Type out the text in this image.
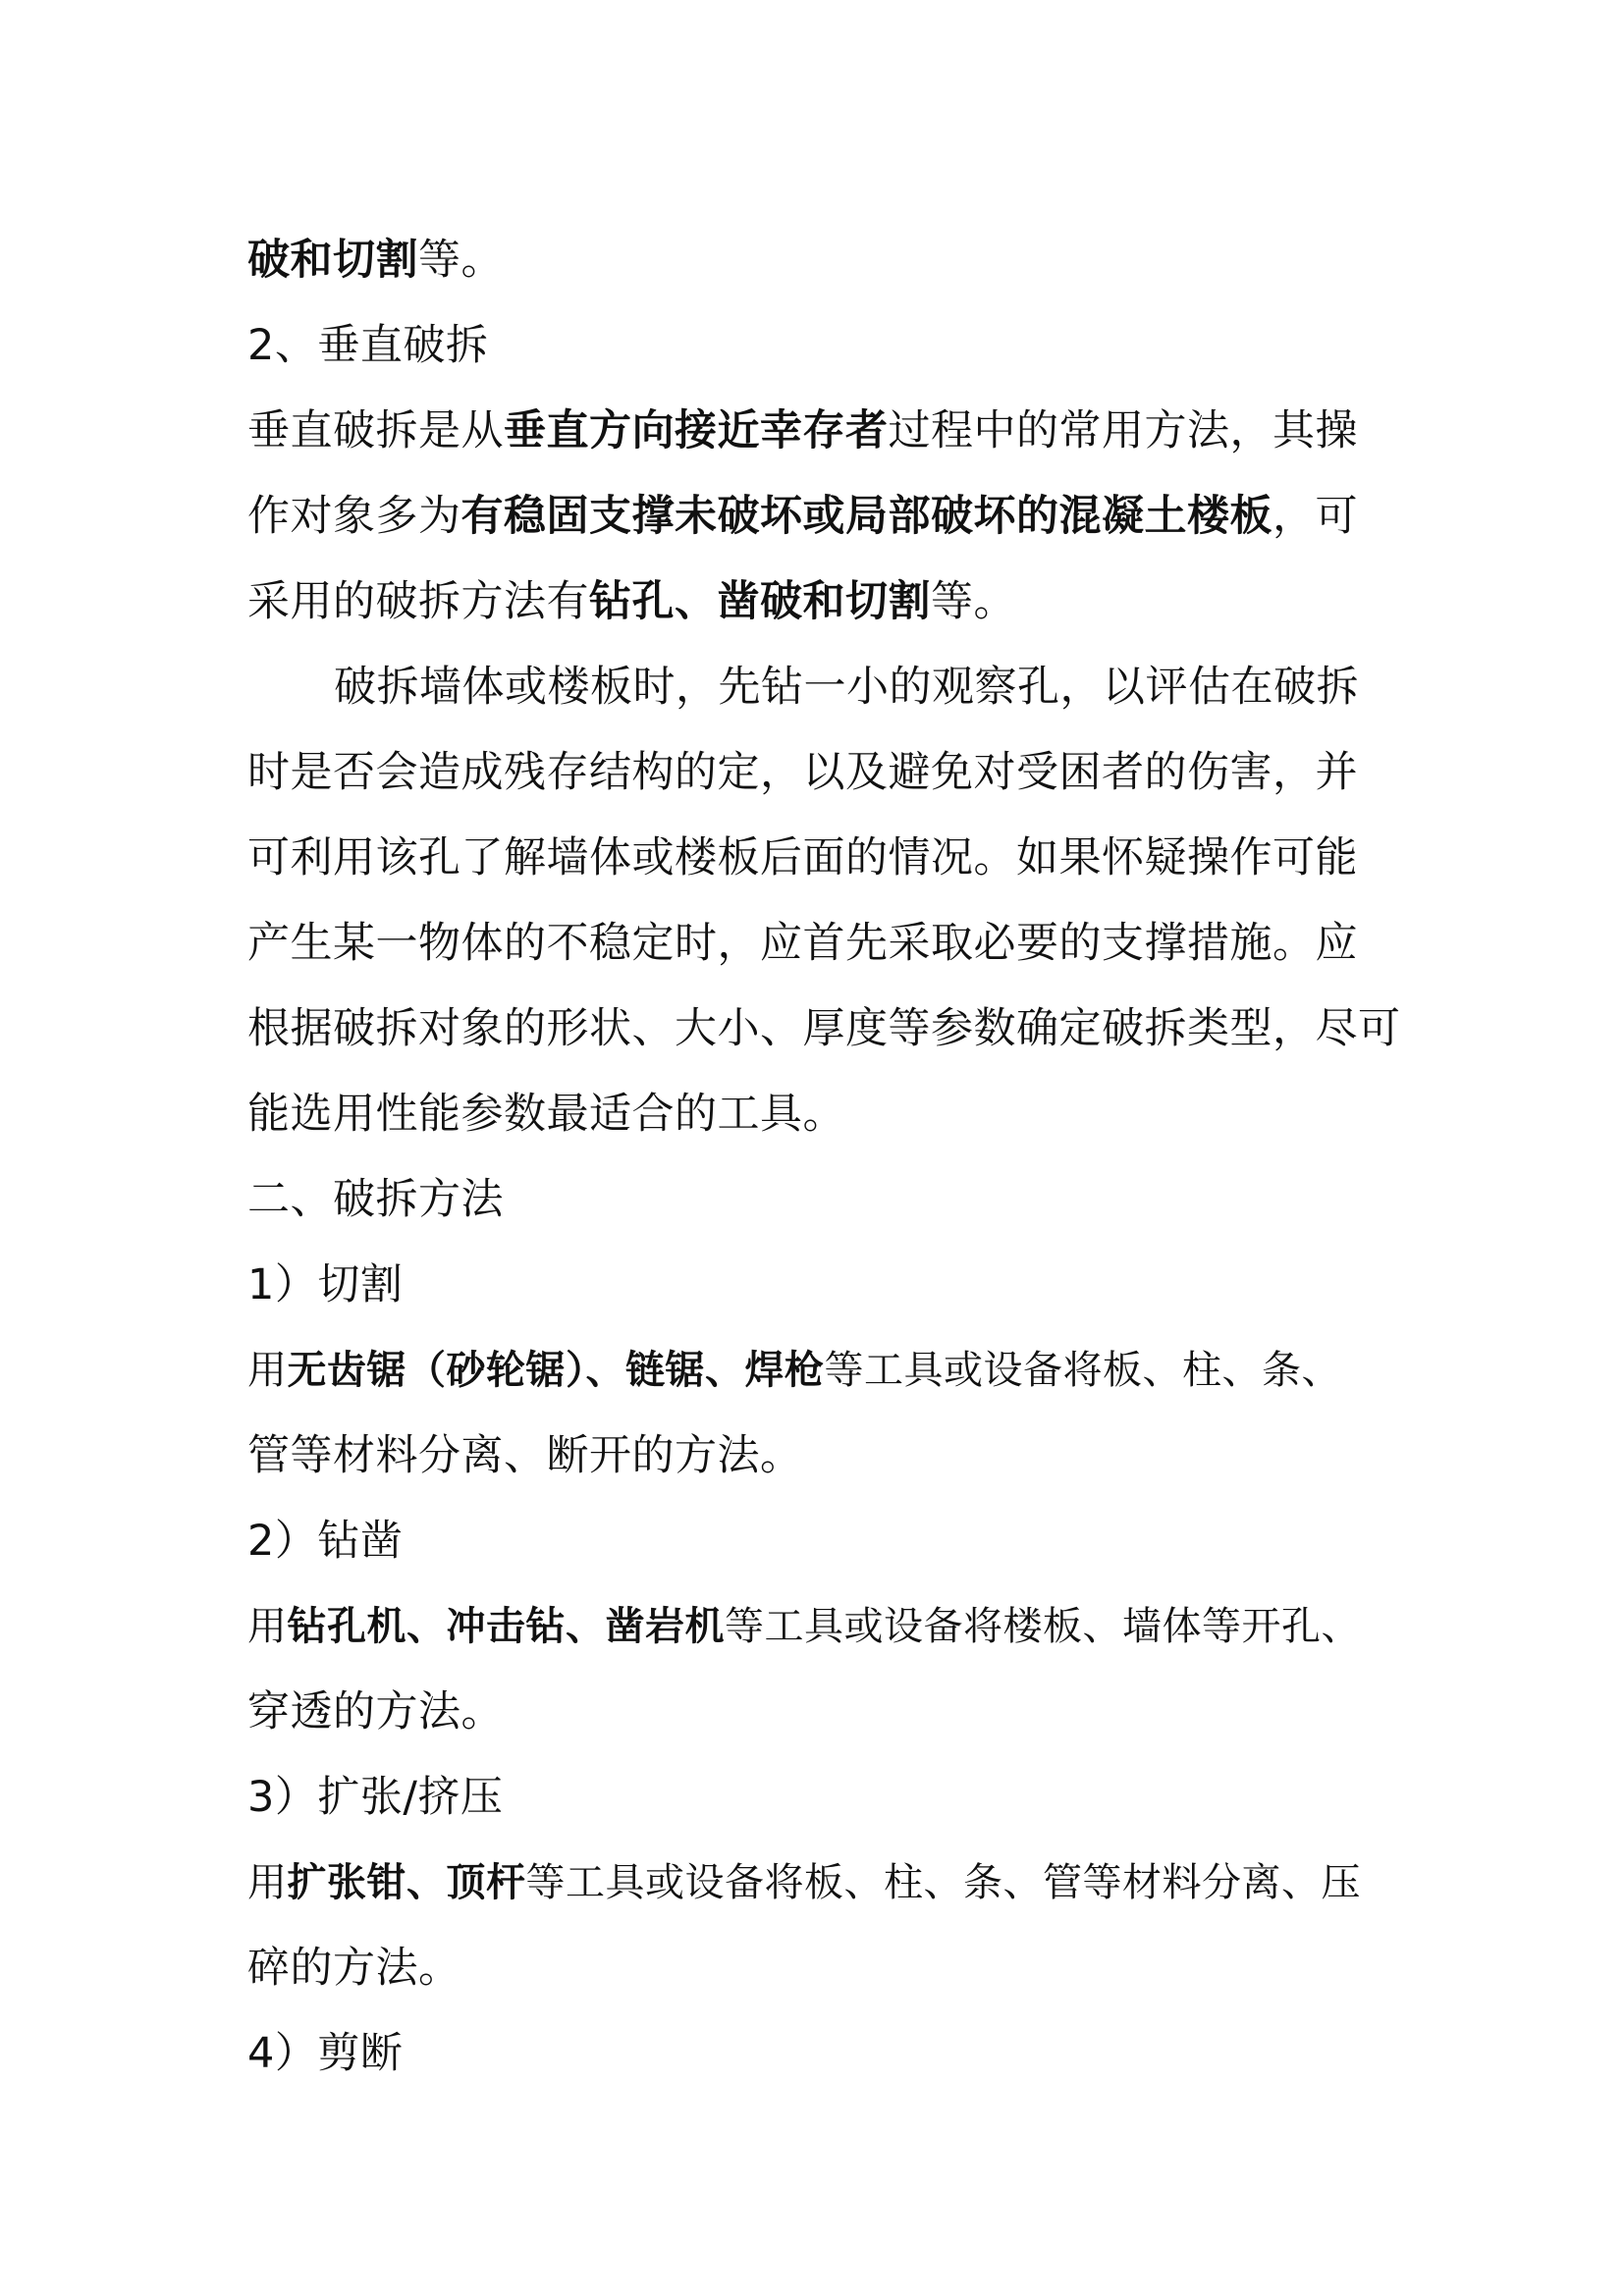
破和切割等。
2、垂直破拆
垂直破拆是从垂直方向接近幸存者过程中的常用方法，其操
作对象多为有稳固支撑未破坏或局部破坏的混凝土楼板，可
采用的破拆方法有钻孔、凿破和切割等。
破拆墙体或楼板时，先钻一小的观察孔，以评估在破拆
时是否会造成残存结构的定，以及避免对受困者的伤害，并
可利用该孔了解墙体或楼板后面的情况。如果怀疑操作可能
产生某一物体的不稳定时，应首先采取必要的支撑措施。应
根据破拆对象的形状、大小、厚度等参数确定破拆类型，尽可
能选用性能参数最适合的工具。
二、破拆方法
1）切割
用无齿锯（砂轮锯）、链锯、焊枪等工具或设备将板、柱、条、
管等材料分离、断开的方法。
2）钻凿
用钻孔机、冲击钻、凿岩机等工具或设备将楼板、墙体等开孔、
穿透的方法。
3）扩张/挤压
用扩张钳、顶杆等工具或设备将板、柱、条、管等材料分离、压
碎的方法。
4）剪断
